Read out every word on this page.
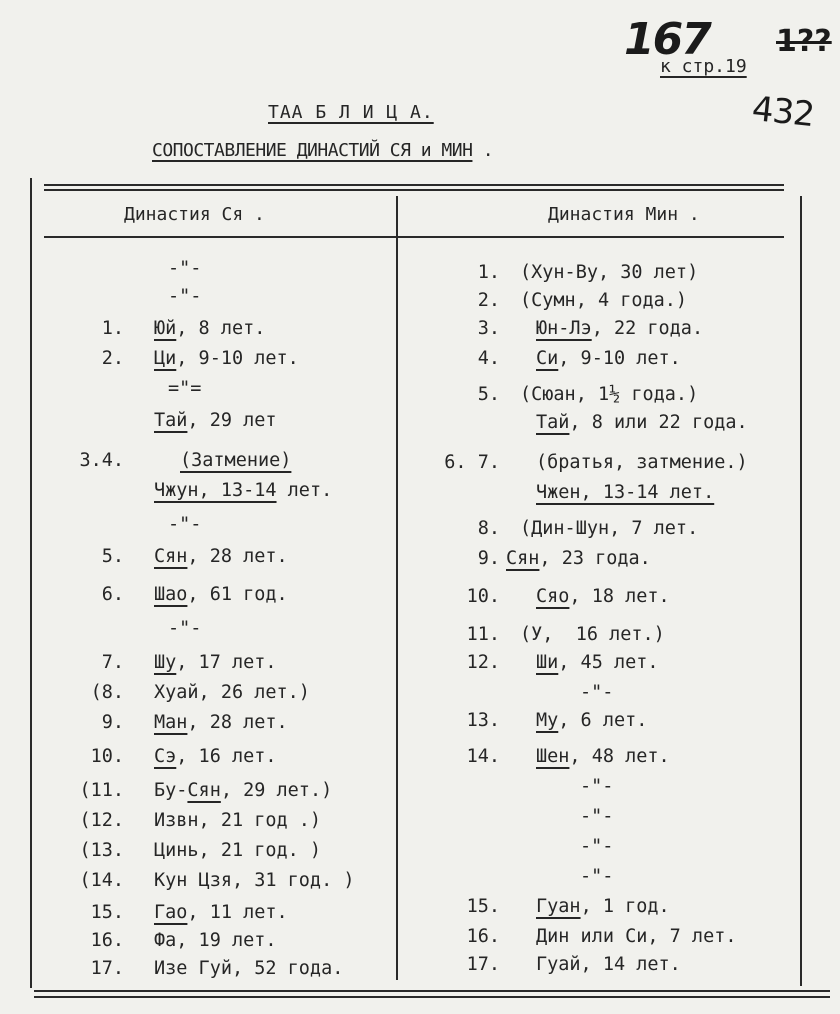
167 1??
432
к стр.19
ТАА Б Л И Ц А.
СОПОСТАВЛЕНИЕ ДИНАСТИЙ СЯ и МИН .
Династия Ся .	Династия Мин .
-"-
-"-
1. Юй, 8 лет.
2. Ци, 9-10 лет.
="=
Тай, 29 лет
3.4.	(Затмение)
Чжун, 13-14 лет.
-"-
5. Сян, 28 лет.
6. Шао, 61 год.
-"-
7. Шу, 17 лет.
(8. Хуай, 26 лет.)
9. Ман, 28 лет.
10. Сэ, 16 лет.
(11. Бу-Сян, 29 лет.)
(12. Извн, 21 год .)
(13. Цинь, 21 год. )
(14. Кун Цзя, 31 год. )
15. Гао, 11 лет.
16. Фа, 19 лет.
17. Изе Гуй, 52 года.
1. (Хун-Ву, 30 лет)
2. (Сумн, 4 года.)
3. Юн-Лэ, 22 года.
4. Си, 9-10 лет.
5. (Сюан, 1½ года.)
Тай, 8 или 22 года.
6. 7. (братья, затмение.)
Чжен, 13-14 лет.
8. (Дин-Шун, 7 лет.
9. Сян, 23 года.
10. Сяо, 18 лет.
11. (У,  16 лет.)
12. Ши, 45 лет.
-"-
13. Му, 6 лет.
14. Шен, 48 лет.
-"-
-"-
-"-
-"-
15. Гуан, 1 год.
16. Дин или Си, 7 лет.
17. Гуай, 14 лет.
